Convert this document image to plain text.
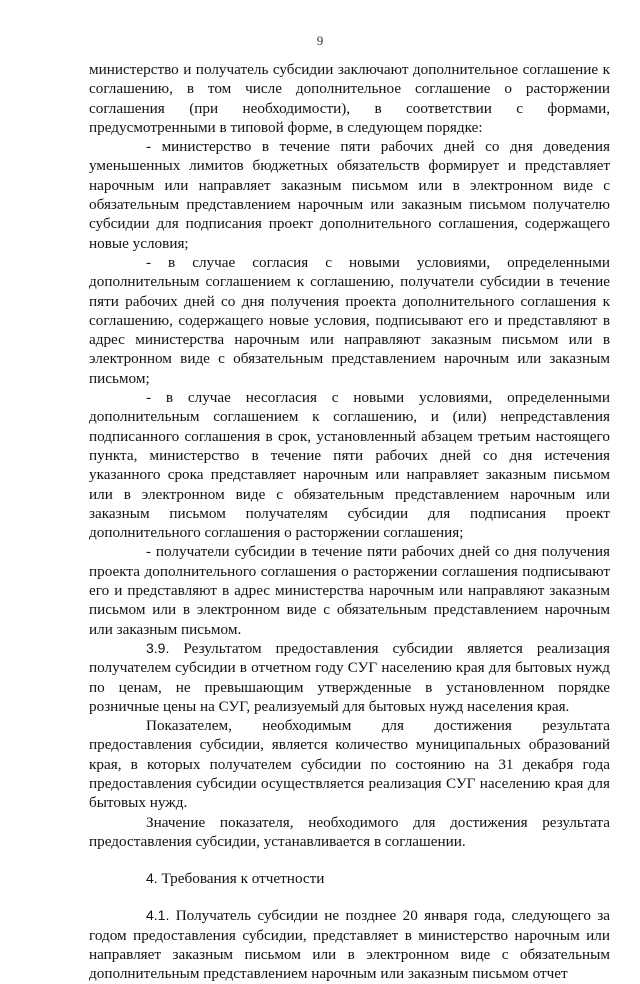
9

министерство и получатель субсидии заключают дополнительное соглашение к соглашению, в том числе дополнительное соглашение о расторжении соглашения (при необходимости), в соответствии с формами, предусмотренными в типовой форме, в следующем порядке:

- министерство в течение пяти рабочих дней со дня доведения уменьшенных лимитов бюджетных обязательств формирует и представляет нарочным или направляет заказным письмом или в электронном виде с обязательным представлением нарочным или заказным письмом получателю субсидии для подписания проект дополнительного соглашения, содержащего новые условия;

- в случае согласия с новыми условиями, определенными дополнительным соглашением к соглашению, получатели субсидии в течение пяти рабочих дней со дня получения проекта дополнительного соглашения к соглашению, содержащего новые условия, подписывают его и представляют в адрес министерства нарочным или направляют заказным письмом или в электронном виде с обязательным представлением нарочным или заказным письмом;

- в случае несогласия с новыми условиями, определенными дополнительным соглашением к соглашению, и (или) непредставления подписанного соглашения в срок, установленный абзацем третьим настоящего пункта, министерство в течение пяти рабочих дней со дня истечения указанного срока представляет нарочным или направляет заказным письмом или в электронном виде с обязательным представлением нарочным или заказным письмом получателям субсидии для подписания проект дополнительного соглашения о расторжении соглашения;

- получатели субсидии в течение пяти рабочих дней со дня получения проекта дополнительного соглашения о расторжении соглашения подписывают его и представляют в адрес министерства нарочным или направляют заказным письмом или в электронном виде с обязательным представлением нарочным или заказным письмом.

3.9. Результатом предоставления субсидии является реализация получателем субсидии в отчетном году СУГ населению края для бытовых нужд по ценам, не превышающим утвержденные в установленном порядке розничные цены на СУГ, реализуемый для бытовых нужд населения края.

Показателем, необходимым для достижения результата предоставления субсидии, является количество муниципальных образований края, в которых получателем субсидии по состоянию на 31 декабря года предоставления субсидии осуществляется реализация СУГ населению края для бытовых нужд.

Значение показателя, необходимого для достижения результата предоставления субсидии, устанавливается в соглашении.

4. Требования к отчетности

4.1. Получатель субсидии не позднее 20 января года, следующего за годом предоставления субсидии, представляет в министерство нарочным или направляет заказным письмом или в электронном виде с обязательным дополнительным представлением нарочным или заказным письмом отчет
